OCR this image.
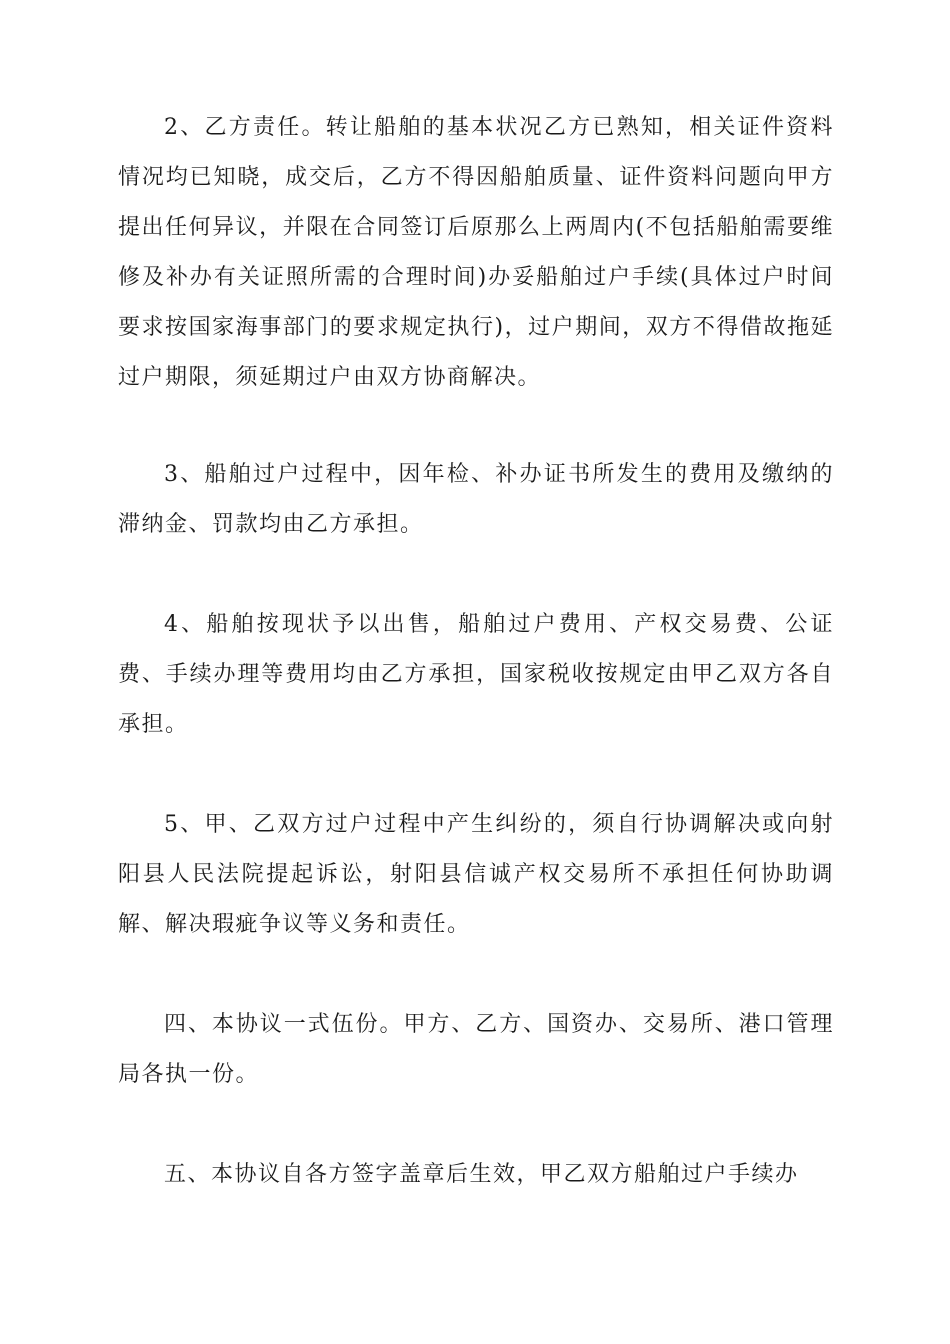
2、乙方责任。转让船舶的基本状况乙方已熟知，相关证件资料情况均已知晓，成交后，乙方不得因船舶质量、证件资料问题向甲方提出任何异议，并限在合同签订后原那么上两周内(不包括船舶需要维修及补办有关证照所需的合理时间)办妥船舶过户手续(具体过户时间要求按国家海事部门的要求规定执行)，过户期间，双方不得借故拖延过户期限，须延期过户由双方协商解决。

3、船舶过户过程中，因年检、补办证书所发生的费用及缴纳的滞纳金、罚款均由乙方承担。

4、船舶按现状予以出售，船舶过户费用、产权交易费、公证费、手续办理等费用均由乙方承担，国家税收按规定由甲乙双方各自承担。

5、甲、乙双方过户过程中产生纠纷的，须自行协调解决或向射阳县人民法院提起诉讼，射阳县信诚产权交易所不承担任何协助调解、解决瑕疵争议等义务和责任。

四、本协议一式伍份。甲方、乙方、国资办、交易所、港口管理局各执一份。

五、本协议自各方签字盖章后生效，甲乙双方船舶过户手续办
